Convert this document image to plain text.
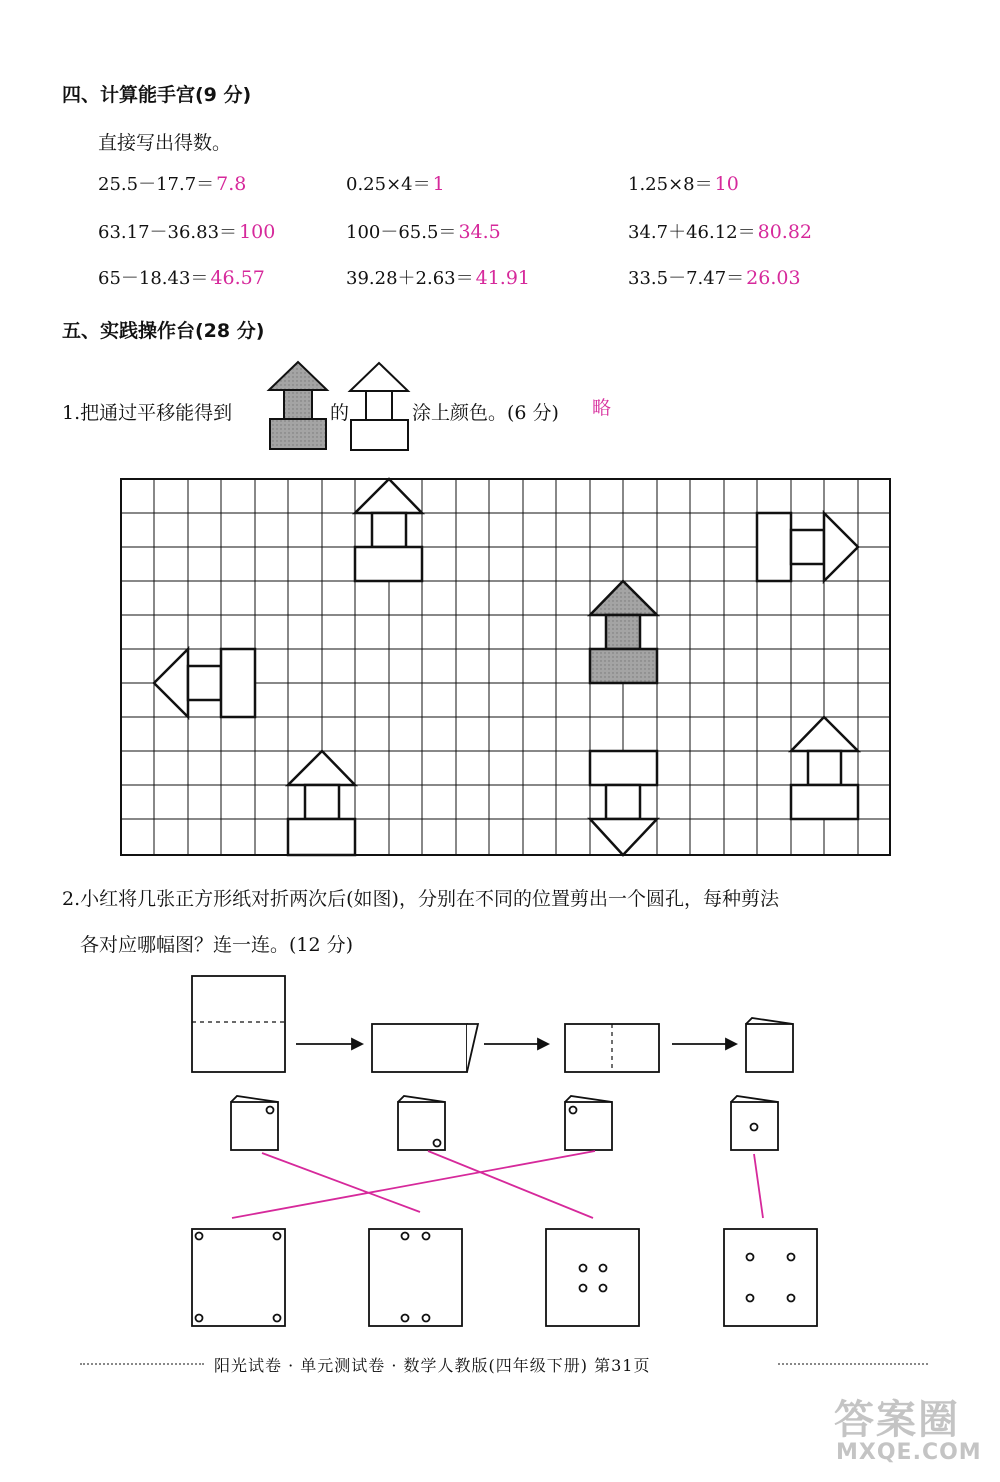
四、计算能手宫(9 分)
直接写出得数。
25.5－17.7＝ 7.8	0.25×4＝ 1	1.25×8＝ 10
63.17－36.83＝ 100	100－65.5＝ 34.5	34.7＋46.12＝ 80.82
65－18.43＝ 46.57	39.28＋2.63＝ 41.91	33.5－7.47＝ 26.03
五、实践操作台(28 分)
1.把通过平移能得到	的	涂上颜色。(6 分) 略
2.小红将几张正方形纸对折两次后(如图)，分别在不同的位置剪出一个圆孔，每种剪法
各对应哪幅图？连一连。(12 分)
阳光试卷 · 单元测试卷 · 数学人教版(四年级下册) 第31页
答案圈
MXQE.COM
